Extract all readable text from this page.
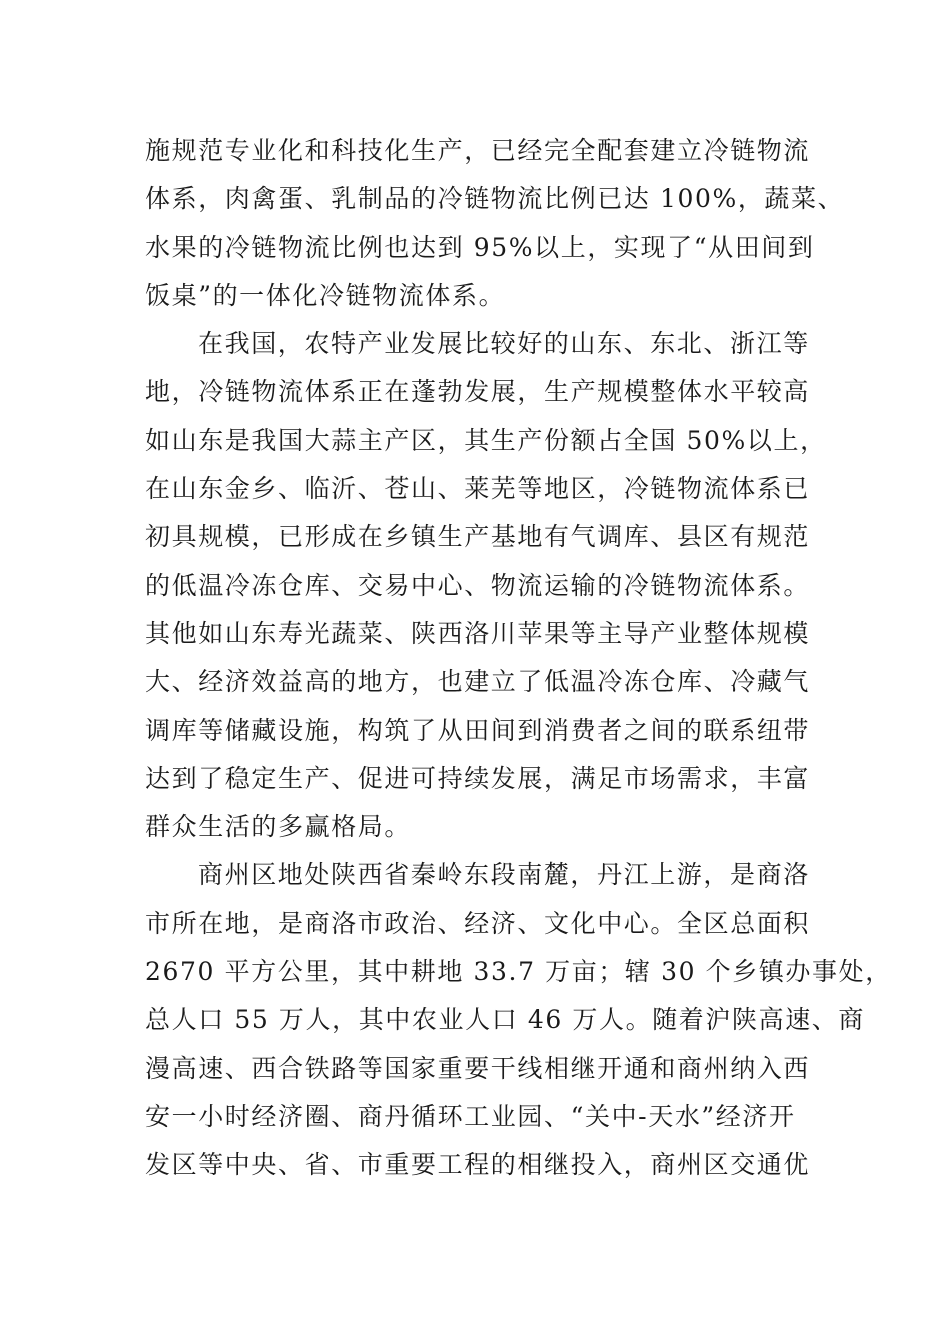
施规范专业化和科技化生产，已经完全配套建立冷链物流
体系，肉禽蛋、乳制品的冷链物流比例已达 100%，蔬菜、
水果的冷链物流比例也达到 95%以上，实现了“从田间到
饭桌”的一体化冷链物流体系。
在我国，农特产业发展比较好的山东、东北、浙江等
地，冷链物流体系正在蓬勃发展，生产规模整体水平较高
如山东是我国大蒜主产区，其生产份额占全国 50%以上，
在山东金乡、临沂、苍山、莱芜等地区，冷链物流体系已
初具规模，已形成在乡镇生产基地有气调库、县区有规范
的低温冷冻仓库、交易中心、物流运输的冷链物流体系。
其他如山东寿光蔬菜、陕西洛川苹果等主导产业整体规模
大、经济效益高的地方，也建立了低温冷冻仓库、冷藏气
调库等储藏设施，构筑了从田间到消费者之间的联系纽带
达到了稳定生产、促进可持续发展，满足市场需求，丰富
群众生活的多赢格局。
商州区地处陕西省秦岭东段南麓，丹江上游，是商洛
市所在地，是商洛市政治、经济、文化中心。全区总面积
2670 平方公里，其中耕地 33.7 万亩；辖 30 个乡镇办事处，
总人口 55 万人，其中农业人口 46 万人。随着沪陕高速、商
漫高速、西合铁路等国家重要干线相继开通和商州纳入西
安一小时经济圈、商丹循环工业园、“关中-天水”经济开
发区等中央、省、市重要工程的相继投入，商州区交通优
